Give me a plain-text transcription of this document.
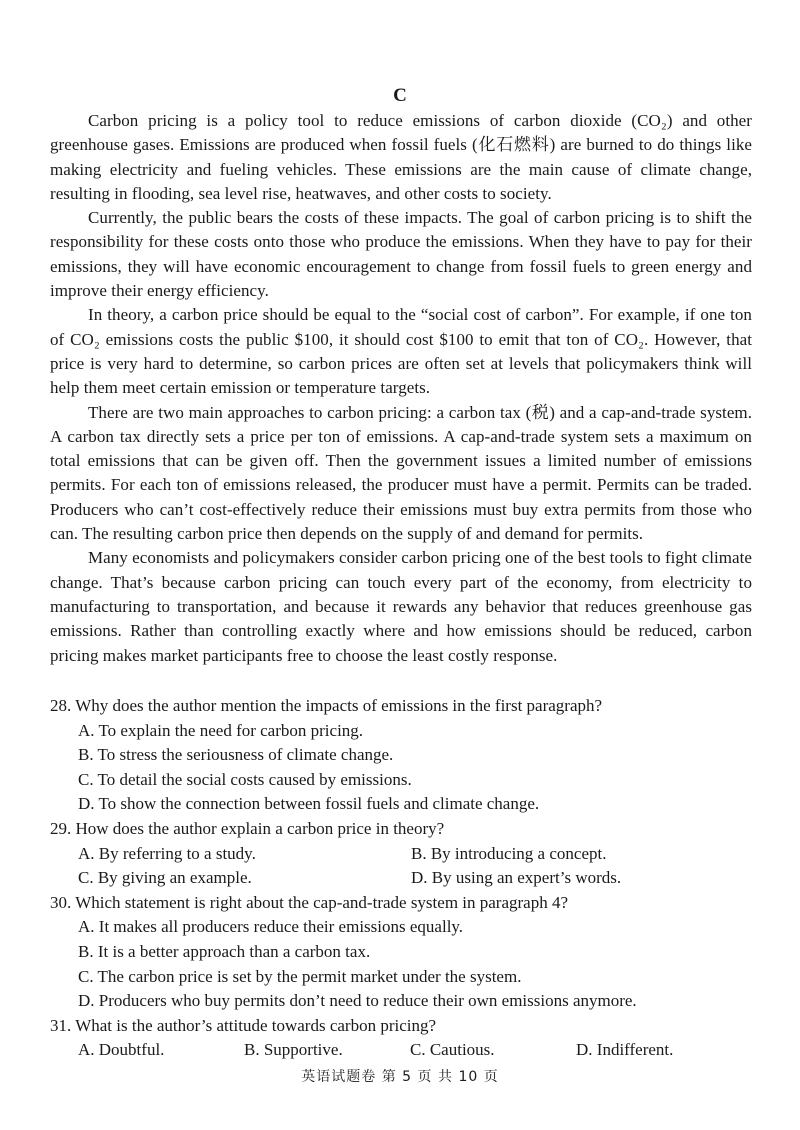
C

Carbon pricing is a policy tool to reduce emissions of carbon dioxide (CO₂) and other greenhouse gases. Emissions are produced when fossil fuels (化石燃料) are burned to do things like making electricity and fueling vehicles. These emissions are the main cause of climate change, resulting in flooding, sea level rise, heatwaves, and other costs to society.

Currently, the public bears the costs of these impacts. The goal of carbon pricing is to shift the responsibility for these costs onto those who produce the emissions. When they have to pay for their emissions, they will have economic encouragement to change from fossil fuels to green energy and improve their energy efficiency.

In theory, a carbon price should be equal to the “social cost of carbon”. For example, if one ton of CO₂ emissions costs the public $100, it should cost $100 to emit that ton of CO₂. However, that price is very hard to determine, so carbon prices are often set at levels that policymakers think will help them meet certain emission or temperature targets.

There are two main approaches to carbon pricing: a carbon tax (税) and a cap-and-trade system. A carbon tax directly sets a price per ton of emissions. A cap-and-trade system sets a maximum on total emissions that can be given off. Then the government issues a limited number of emissions permits. For each ton of emissions released, the producer must have a permit. Permits can be traded. Producers who can’t cost-effectively reduce their emissions must buy extra permits from those who can. The resulting carbon price then depends on the supply of and demand for permits.

Many economists and policymakers consider carbon pricing one of the best tools to fight climate change. That’s because carbon pricing can touch every part of the economy, from electricity to manufacturing to transportation, and because it rewards any behavior that reduces greenhouse gas emissions. Rather than controlling exactly where and how emissions should be reduced, carbon pricing makes market participants free to choose the least costly response.

28. Why does the author mention the impacts of emissions in the first paragraph?

A. To explain the need for carbon pricing.

B. To stress the seriousness of climate change.

C. To detail the social costs caused by emissions.

D. To show the connection between fossil fuels and climate change.

29. How does the author explain a carbon price in theory?

A. By referring to a study.	B. By introducing a concept.
C. By giving an example.	D. By using an expert’s words.

30. Which statement is right about the cap-and-trade system in paragraph 4?

A. It makes all producers reduce their emissions equally.

B. It is a better approach than a carbon tax.

C. The carbon price is set by the permit market under the system.

D. Producers who buy permits don’t need to reduce their own emissions anymore.

31. What is the author’s attitude towards carbon pricing?

A. Doubtful.	B. Supportive.	C. Cautious.	D. Indifferent.
英语试题卷 第 5 页 共 10 页
